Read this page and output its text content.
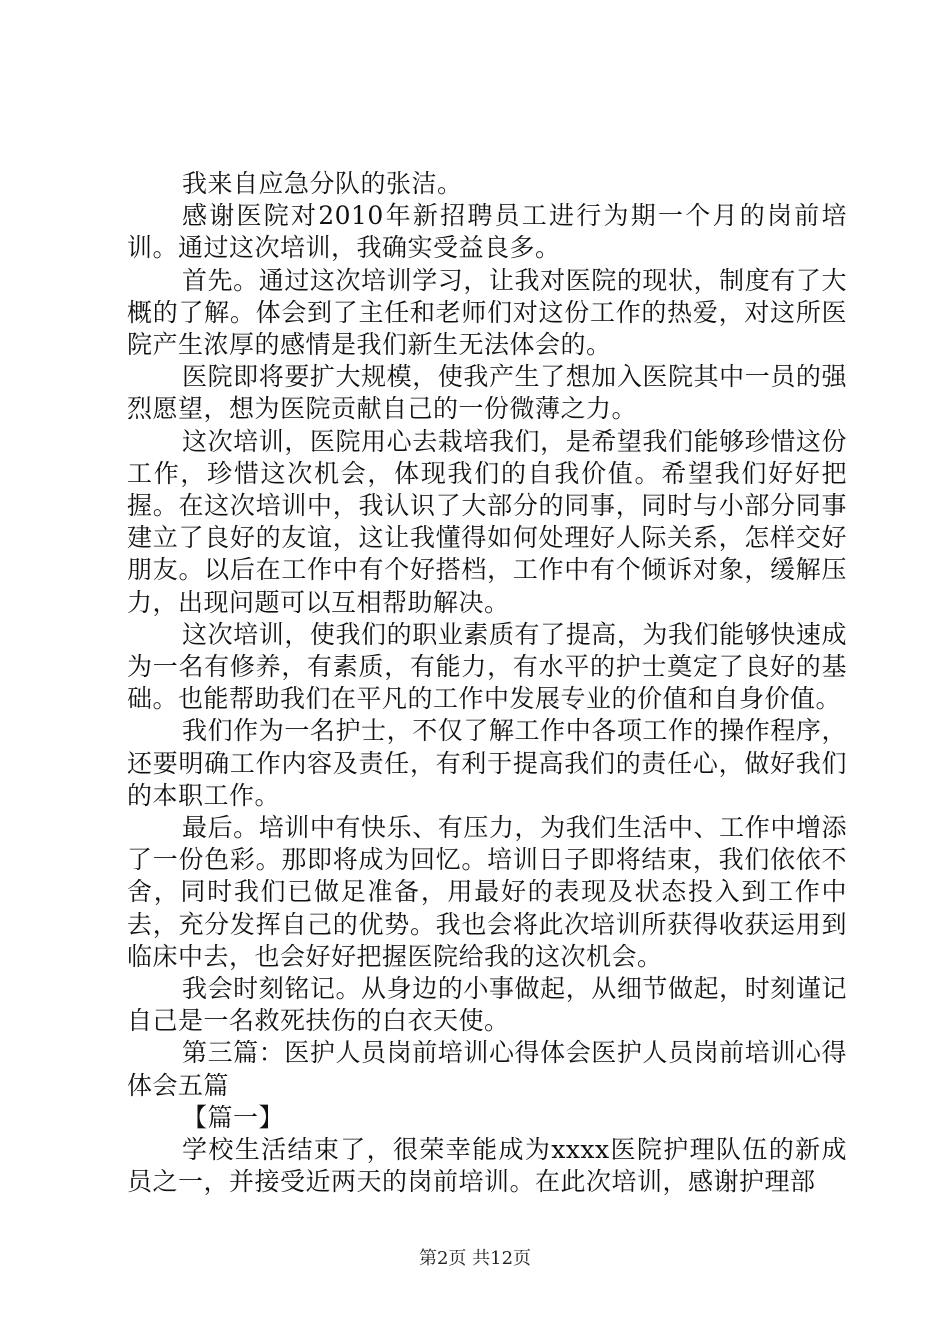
我来自应急分队的张洁。

感谢医院对2010年新招聘员工进行为期一个月的岗前培训。通过这次培训，我确实受益良多。

首先。通过这次培训学习，让我对医院的现状，制度有了大概的了解。体会到了主任和老师们对这份工作的热爱，对这所医院产生浓厚的感情是我们新生无法体会的。

医院即将要扩大规模，使我产生了想加入医院其中一员的强烈愿望，想为医院贡献自己的一份微薄之力。

这次培训，医院用心去栽培我们，是希望我们能够珍惜这份工作，珍惜这次机会，体现我们的自我价值。希望我们好好把握。在这次培训中，我认识了大部分的同事，同时与小部分同事建立了良好的友谊，这让我懂得如何处理好人际关系，怎样交好朋友。以后在工作中有个好搭档，工作中有个倾诉对象，缓解压力，出现问题可以互相帮助解决。

这次培训，使我们的职业素质有了提高，为我们能够快速成为一名有修养，有素质，有能力，有水平的护士奠定了良好的基础。也能帮助我们在平凡的工作中发展专业的价值和自身价值。

我们作为一名护士，不仅了解工作中各项工作的操作程序，还要明确工作内容及责任，有利于提高我们的责任心，做好我们的本职工作。

最后。培训中有快乐、有压力，为我们生活中、工作中增添了一份色彩。那即将成为回忆。培训日子即将结束，我们依依不舍，同时我们已做足准备，用最好的表现及状态投入到工作中去，充分发挥自己的优势。我也会将此次培训所获得收获运用到临床中去，也会好好把握医院给我的这次机会。

我会时刻铭记。从身边的小事做起，从细节做起，时刻谨记自己是一名救死扶伤的白衣天使。

第三篇：医护人员岗前培训心得体会医护人员岗前培训心得体会五篇

【篇一】

学校生活结束了，很荣幸能成为xxxx医院护理队伍的新成员之一，并接受近两天的岗前培训。在此次培训，感谢护理部

第2页 共12页
